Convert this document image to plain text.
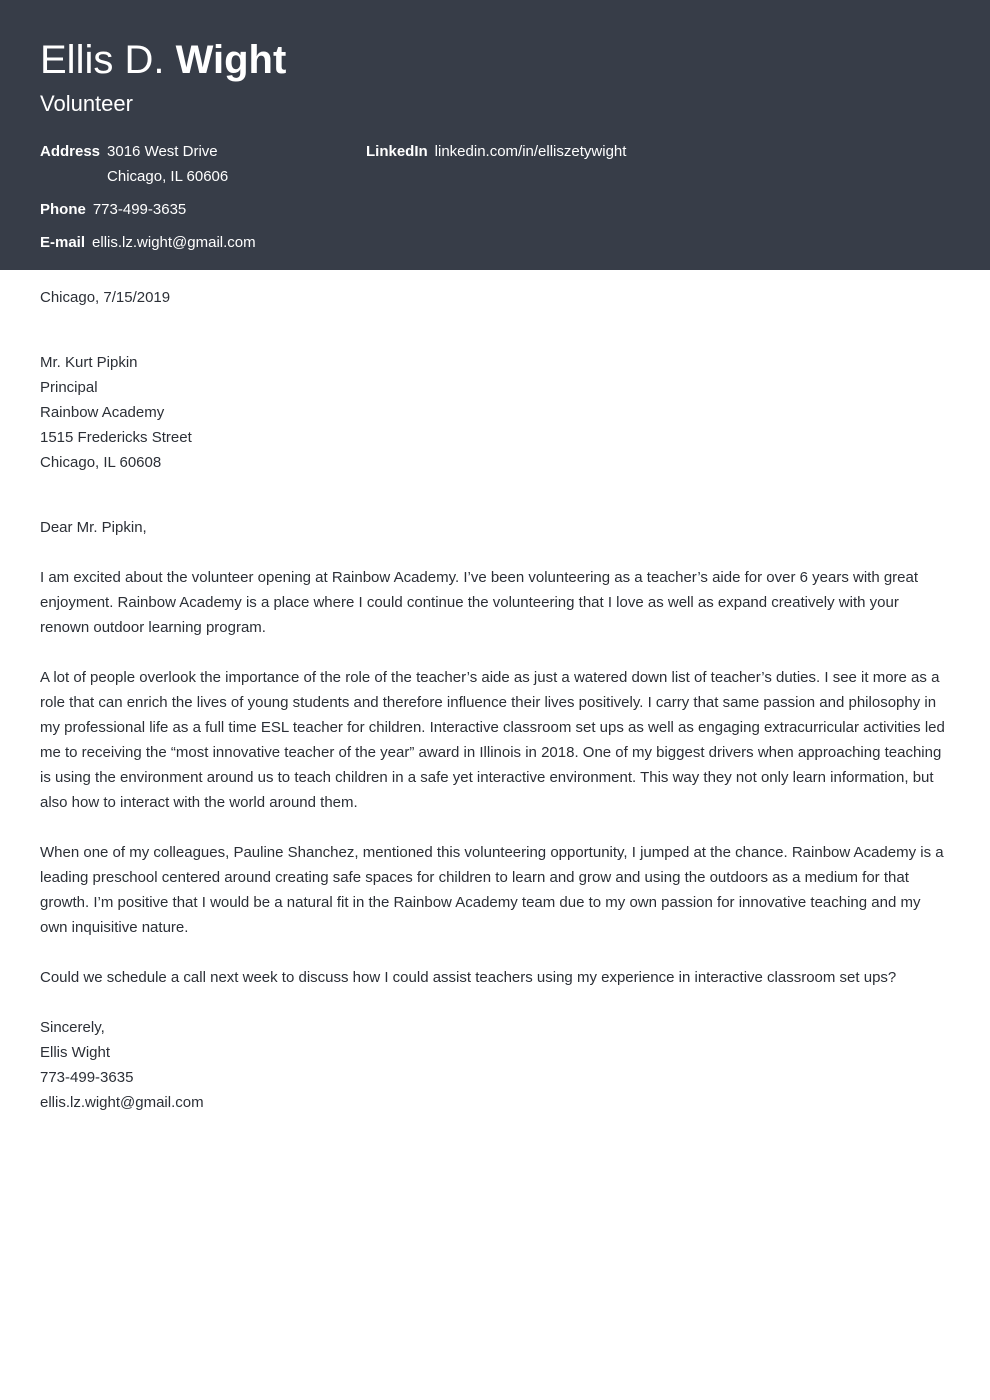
Ellis D. Wight
Volunteer
Address 3016 West Drive
Chicago, IL 60606
LinkedIn linkedin.com/in/elliszetywight
Phone 773-499-3635
E-mail ellis.lz.wight@gmail.com

Chicago, 7/15/2019

Mr. Kurt Pipkin
Principal
Rainbow Academy
1515 Fredericks Street
Chicago, IL 60608

Dear Mr. Pipkin,

I am excited about the volunteer opening at Rainbow Academy. I’ve been volunteering as a teacher’s aide for over 6 years with great enjoyment. Rainbow Academy is a place where I could continue the volunteering that I love as well as expand creatively with your renown outdoor learning program.

A lot of people overlook the importance of the role of the teacher’s aide as just a watered down list of teacher’s duties. I see it more as a role that can enrich the lives of young students and therefore influence their lives positively. I carry that same passion and philosophy in my professional life as a full time ESL teacher for children. Interactive classroom set ups as well as engaging extracurricular activities led me to receiving the “most innovative teacher of the year” award in Illinois in 2018. One of my biggest drivers when approaching teaching is using the environment around us to teach children in a safe yet interactive environment. This way they not only learn information, but also how to interact with the world around them.

When one of my colleagues, Pauline Shanchez, mentioned this volunteering opportunity, I jumped at the chance. Rainbow Academy is a leading preschool centered around creating safe spaces for children to learn and grow and using the outdoors as a medium for that growth. I’m positive that I would be a natural fit in the Rainbow Academy team due to my own passion for innovative teaching and my own inquisitive nature.

Could we schedule a call next week to discuss how I could assist teachers using my experience in interactive classroom set ups?

Sincerely,
Ellis Wight
773-499-3635
ellis.lz.wight@gmail.com
